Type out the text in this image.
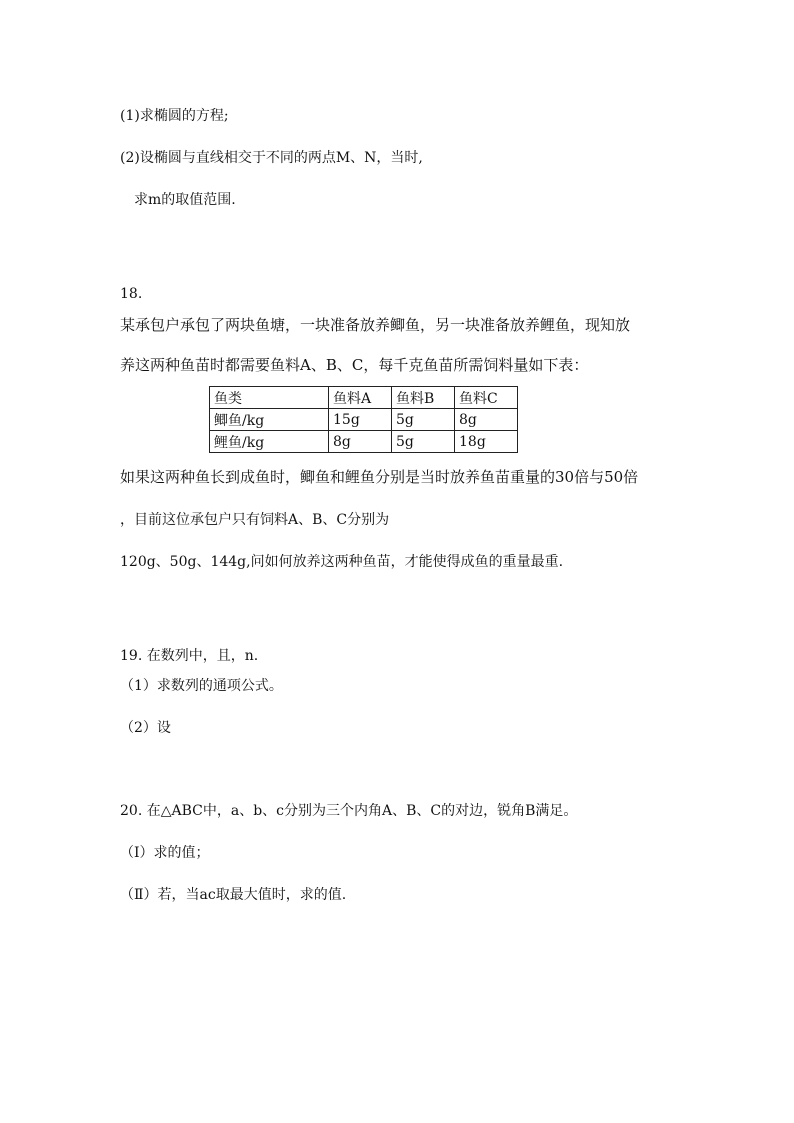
(1)求椭圆的方程;
(2)设椭圆与直线相交于不同的两点M、N，当时,
求m的取值范围.
18.
某承包户承包了两块鱼塘，一块准备放养鲫鱼，另一块准备放养鲤鱼，现知放
养这两种鱼苗时都需要鱼料A、B、C，每千克鱼苗所需饲料量如下表：
鱼类	鱼料A	鱼料B	鱼料C
鲫鱼/kg	15g	5g	8g
鲤鱼/kg	8g	5g	18g
如果这两种鱼长到成鱼时，鲫鱼和鲤鱼分别是当时放养鱼苗重量的30倍与50倍
，目前这位承包户只有饲料A、B、C分别为
120g、50g、144g,问如何放养这两种鱼苗，才能使得成鱼的重量最重.
19. 在数列中，且，n.
（1）求数列的通项公式。
（2）设
20. 在△ABC中，a、b、c分别为三个内角A、B、C的对边，锐角B满足。
（Ⅰ）求的值；
（Ⅱ）若，当ac取最大值时，求的值.
